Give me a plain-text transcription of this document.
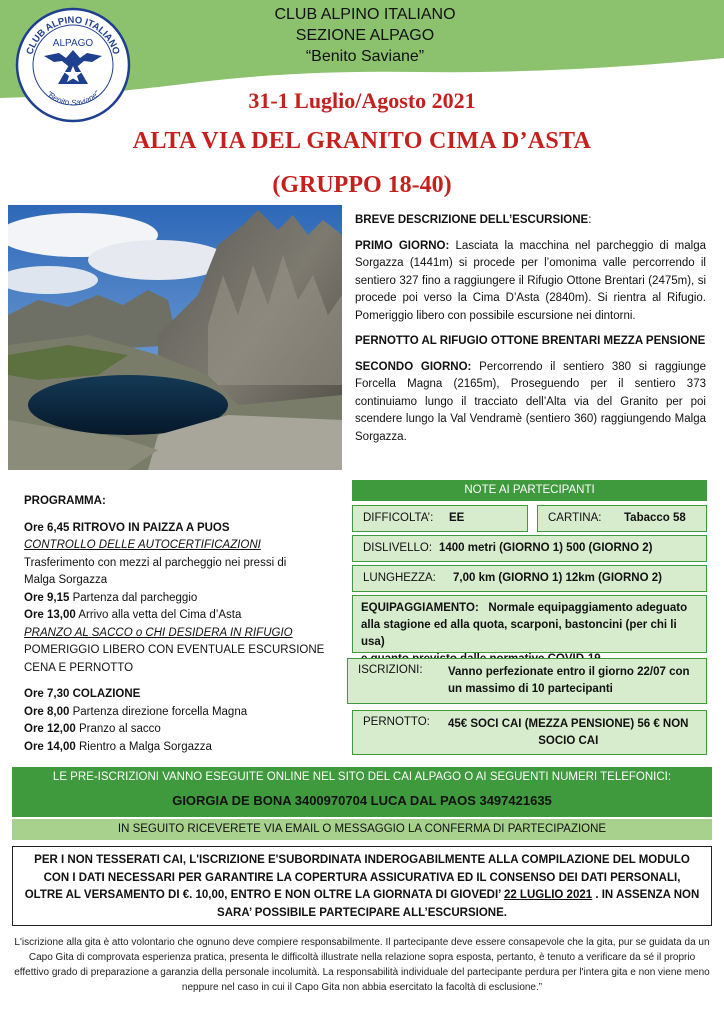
CLUB ALPINO ITALIANO
SEZIONE ALPAGO
“Benito Saviane”
CLUB ALPINO ITALIANO
ALPAGO
"Benito Saviane"	31-1 Luglio/Agosto 2021
ALTA VIA DEL GRANITO CIMA D’ASTA
(GRUPPO 18-40)

BREVE DESCRIZIONE DELL’ESCURSIONE:

PRIMO GIORNO: Lasciata la macchina nel parcheggio di malga Sorgazza (1441m) si procede per l’omonima valle percorrendo il sentiero 327 fino a raggiungere il Rifugio Ottone Brentari (2475m), si procede poi verso la Cima D’Asta (2840m). Si rientra al Rifugio. Pomeriggio libero con possibile escursione nei dintorni.

PERNOTTO AL RIFUGIO OTTONE BRENTARI MEZZA PENSIONE

SECONDO GIORNO: Percorrendo il sentiero 380 si raggiunge Forcella Magna (2165m), Proseguendo per il sentiero 373 continuiamo lungo il tracciato dell’Alta via del Granito per poi scendere lungo la Val Vendramè (sentiero 360) raggiungendo Malga Sorgazza.

PROGRAMMA:
Ore 6,45 RITROVO IN PAIZZA A PUOS
CONTROLLO DELLE AUTOCERTIFICAZIONI
Trasferimento con mezzi al parcheggio nei pressi di
Malga Sorgazza
Ore 9,15 Partenza dal parcheggio
Ore 13,00 Arrivo alla vetta del Cima d’Asta
PRANZO AL SACCO o CHI DESIDERA IN RIFUGIO
POMERIGGIO LIBERO CON EVENTUALE ESCURSIONE
CENA E PERNOTTO
Ore 7,30 COLAZIONE
Ore 8,00 Partenza direzione forcella Magna
Ore 12,00 Pranzo al sacco
Ore 14,00 Rientro a Malga Sorgazza
NOTE AI PARTECIPANTI
DIFFICOLTA’: EE	CARTINA: Tabacco 58
DISLIVELLO: 1400 metri (GIORNO 1) 500 (GIORNO 2)
LUNGHEZZA: 7,00 km (GIORNO 1) 12km (GIORNO 2)
EQUIPAGGIAMENTO: Normale equipaggiamento adeguato
alla stagione ed alla quota, scarponi, bastoncini (per chi li usa)
ISCRIZIONI: Vanno perfezionate entro il giorno 22/07 con
un massimo di 10 partecipanti
PERNOTTO: 45€ SOCI CAI (MEZZA PENSIONE) 56 € NON
SOCIO CAI
LE PRE-ISCRIZIONI VANNO ESEGUITE ONLINE NEL SITO DEL CAI ALPAGO O AI SEGUENTI NUMERI TELEFONICI:
GIORGIA DE BONA 3400970704 LUCA DAL PAOS 3497421635
IN SEGUITO RICEVERETE VIA EMAIL O MESSAGGIO LA CONFERMA DI PARTECIPAZIONE
PER I NON TESSERATI CAI, L'ISCRIZIONE E'SUBORDINATA INDEROGABILMENTE ALLA COMPILAZIONE DEL MODULO CON I DATI NECESSARI PER GARANTIRE LA COPERTURA ASSICURATIVA ED IL CONSENSO DEI DATI PERSONALI, OLTRE AL VERSAMENTO DI €. 10,00, ENTRO E NON OLTRE LA GIORNATA DI GIOVEDI’ 22 LUGLIO 2021 . IN ASSENZA NON SARA’ POSSIBILE PARTECIPARE ALL’ESCURSIONE.
L'iscrizione alla gita è atto volontario che ognuno deve compiere responsabilmente. Il partecipante deve essere consapevole che la gita, pur se guidata da un Capo Gita di comprovata esperienza pratica, presenta le difficoltà illustrate nella relazione sopra esposta, pertanto, è tenuto a verificare da sé il proprio effettivo grado di preparazione a garanzia della personale incolumità. La responsabilità individuale del partecipante perdura per l'intera gita e non viene meno neppure nel caso in cui il Capo Gita non abbia esercitato la facoltà di esclusione.”
